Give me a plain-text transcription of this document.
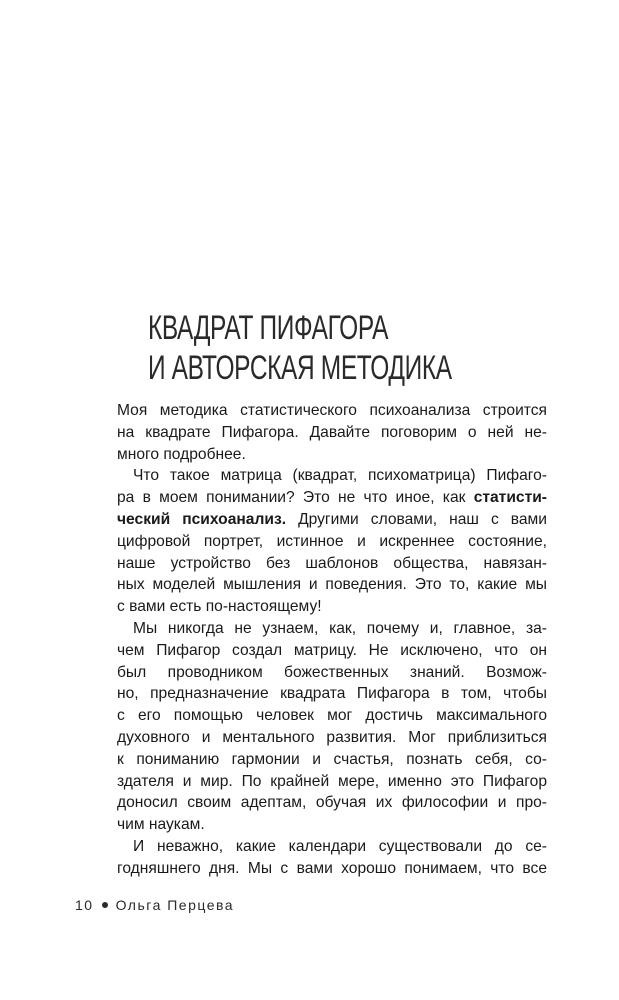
КВАДРАТ ПИФАГОРА
И АВТОРСКАЯ МЕТОДИКА
Моя методика статистического психоанализа строится
на квадрате Пифагора. Давайте поговорим о ней не-
много подробнее.
Что такое матрица (квадрат, психоматрица) Пифаго-
ра в моем понимании? Это не что иное, как статисти-
ческий психоанализ. Другими словами, наш с вами
цифровой портрет, истинное и искреннее состояние,
наше устройство без шаблонов общества, навязан-
ных моделей мышления и поведения. Это то, какие мы
с вами есть по-настоящему!
Мы никогда не узнаем, как, почему и, главное, за-
чем Пифагор создал матрицу. Не исключено, что он
был проводником божественных знаний. Возмож-
но, предназначение квадрата Пифагора в том, чтобы
с его помощью человек мог достичь максимального
духовного и ментального развития. Мог приблизиться
к пониманию гармонии и счастья, познать себя, со-
здателя и мир. По крайней мере, именно это Пифагор
доносил своим адептам, обучая их философии и про-
чим наукам.
И неважно, какие календари существовали до се-
годняшнего дня. Мы с вами хорошо понимаем, что все
10 Ольга Перцева
